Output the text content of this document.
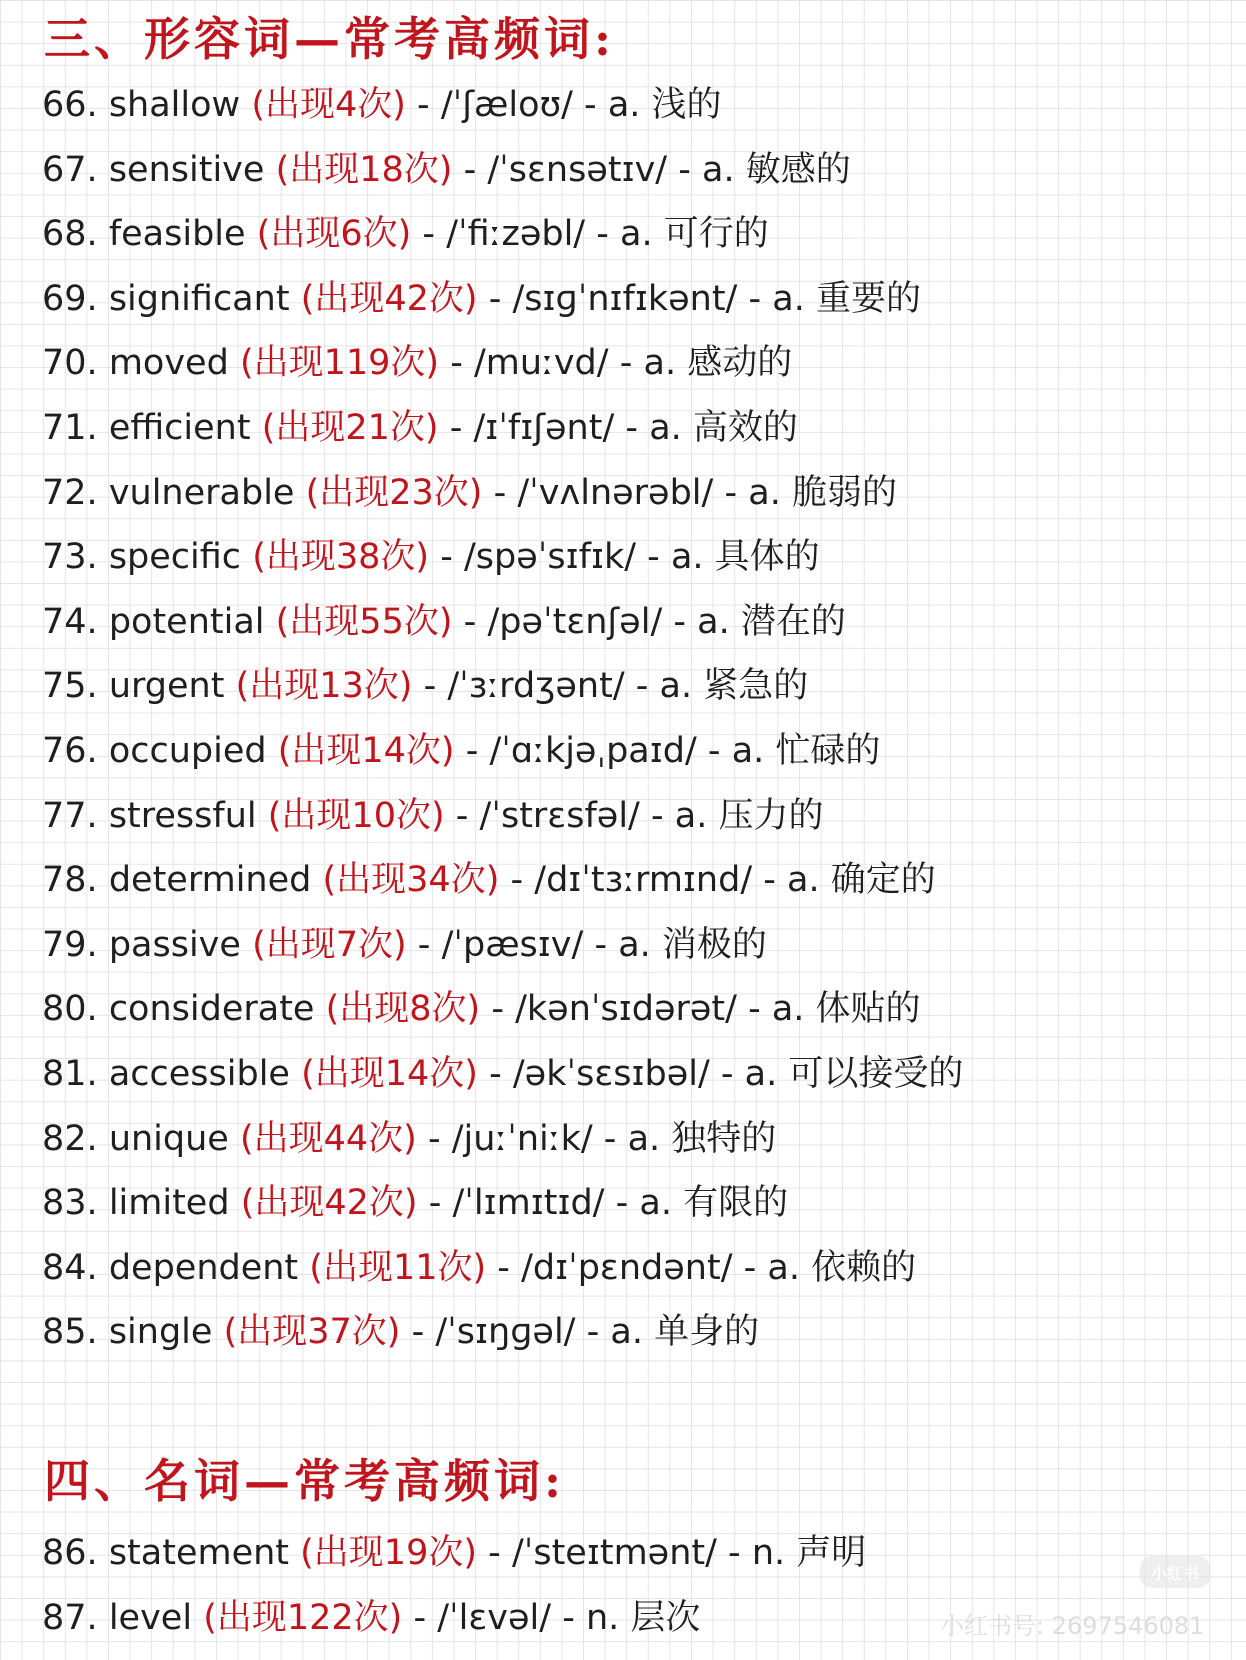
三、形容词—常考高频词:
66. shallow (出现4次) - /ˈʃæloʊ/ - a. 浅的
67. sensitive (出现18次) - /ˈsɛnsətɪv/ - a. 敏感的
68. feasible (出现6次) - /ˈfiːzəbl/ - a. 可行的
69. significant (出现42次) - /sɪɡˈnɪfɪkənt/ - a. 重要的
70. moved (出现119次) - /muːvd/ - a. 感动的
71. efficient (出现21次) - /ɪˈfɪʃənt/ - a. 高效的
72. vulnerable (出现23次) - /ˈvʌlnərəbl/ - a. 脆弱的
73. specific (出现38次) - /spəˈsɪfɪk/ - a. 具体的
74. potential (出现55次) - /pəˈtɛnʃəl/ - a. 潜在的
75. urgent (出现13次) - /ˈɜːrdʒənt/ - a. 紧急的
76. occupied (出现14次) - /ˈɑːkjəˌpaɪd/ - a. 忙碌的
77. stressful (出现10次) - /ˈstrɛsfəl/ - a. 压力的
78. determined (出现34次) - /dɪˈtɜːrmɪnd/ - a. 确定的
79. passive (出现7次) - /ˈpæsɪv/ - a. 消极的
80. considerate (出现8次) - /kənˈsɪdərət/ - a. 体贴的
81. accessible (出现14次) - /əkˈsɛsɪbəl/ - a. 可以接受的
82. unique (出现44次) - /juːˈniːk/ - a. 独特的
83. limited (出现42次) - /ˈlɪmɪtɪd/ - a. 有限的
84. dependent (出现11次) - /dɪˈpɛndənt/ - a. 依赖的
85. single (出现37次) - /ˈsɪŋɡəl/ - a. 单身的
四、名词—常考高频词:
86. statement (出现19次) - /ˈsteɪtmənt/ - n. 声明
87. level (出现122次) - /ˈlɛvəl/ - n. 层次
小红书
小红书号: 2697546081
